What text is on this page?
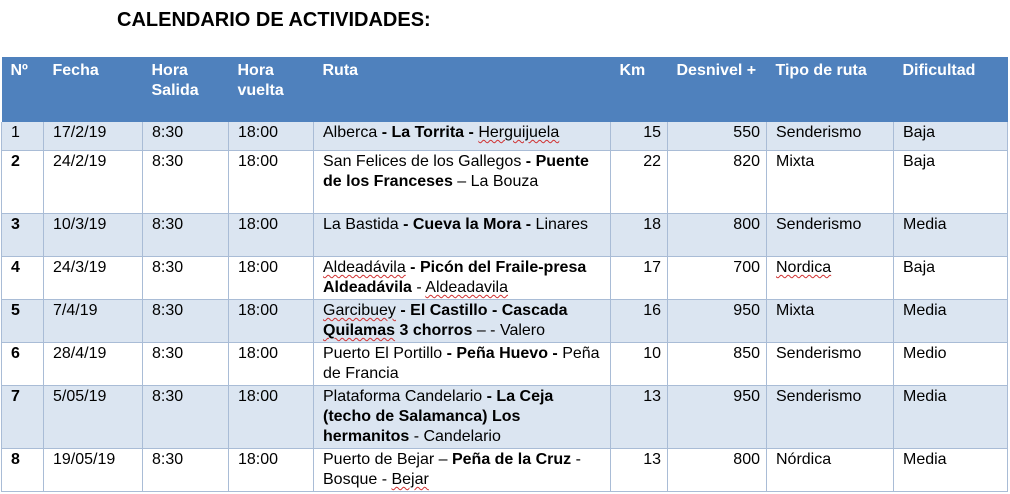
CALENDARIO DE ACTIVIDADES:
Nº	Fecha	Hora Salida	Hora vuelta	Ruta	Km	Desnivel +	Tipo de ruta	Dificultad
1	17/2/19	8:30	18:00	Alberca - La Torrita - Herguijuela	15	550	Senderismo	Baja
2	24/2/19	8:30	18:00	San Felices de los Gallegos - Puente de los Franceses – La Bouza	22	820	Mixta	Baja
3	10/3/19	8:30	18:00	La Bastida - Cueva la Mora - Linares	18	800	Senderismo	Media
4	24/3/19	8:30	18:00	Aldeadávila - Picón del Fraile-presa Aldeadávila - Aldeadavila	17	700	Nordica	Baja
5	7/4/19	8:30	18:00	Garcibuey - El Castillo - Cascada Quilamas 3 chorros – - Valero	16	950	Mixta	Media
6	28/4/19	8:30	18:00	Puerto El Portillo - Peña Huevo - Peña de Francia	10	850	Senderismo	Medio
7	5/05/19	8:30	18:00	Plataforma Candelario - La Ceja (techo de Salamanca) Los hermanitos - Candelario	13	950	Senderismo	Media
8	19/05/19	8:30	18:00	Puerto de Bejar – Peña de la Cruz - Bosque - Bejar	13	800	Nórdica	Media
